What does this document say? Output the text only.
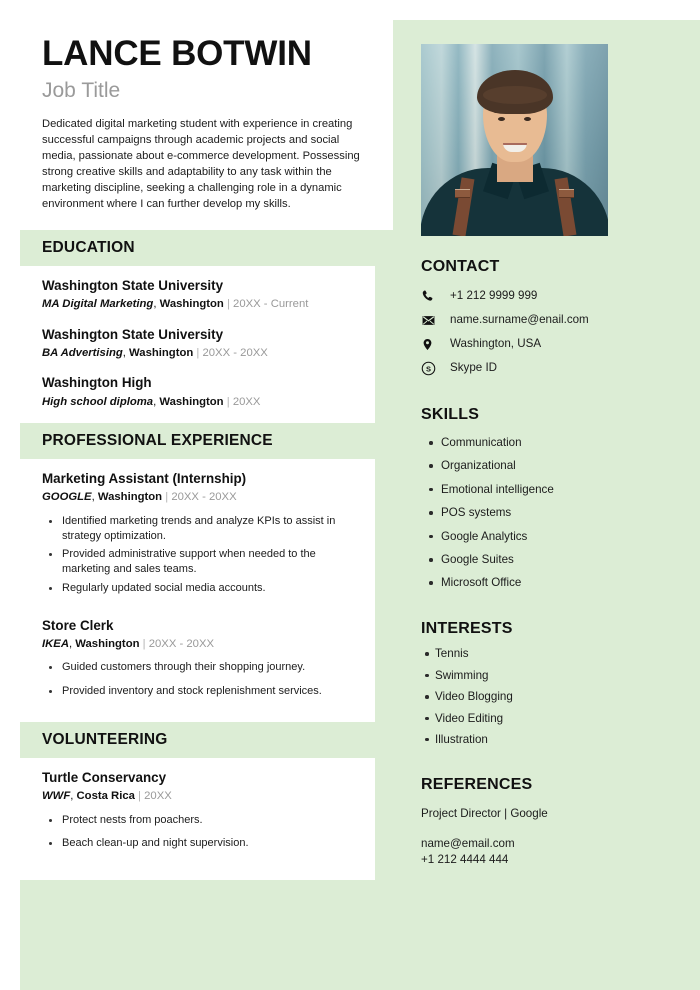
LANCE BOTWIN
Job Title

Dedicated digital marketing student with experience in creating successful campaigns through academic projects and social media, passionate about e-commerce development. Possessing strong creative skills and adaptability to any task within the marketing discipline, seeking a challenging role in a dynamic environment where I can further develop my skills.

EDUCATION
Washington State University
MA Digital Marketing, Washington | 20XX - Current
Washington State University
BA Advertising, Washington | 20XX - 20XX
Washington High
High school diploma, Washington | 20XX
PROFESSIONAL EXPERIENCE
Marketing Assistant (Internship)
GOOGLE, Washington | 20XX - 20XX
Identified marketing trends and analyze KPIs to assist in strategy optimization.
Provided administrative support when needed to the marketing and sales teams.
Regularly updated social media accounts.
Store Clerk
IKEA, Washington | 20XX - 20XX
Guided customers through their shopping journey.
Provided inventory and stock replenishment services.
VOLUNTEERING
Turtle Conservancy
WWF, Costa Rica | 20XX
Protect nests from poachers.
Beach clean-up and night supervision.
CONTACT
+1 212 9999 999
name.surname@enail.com
Washington, USA
S Skype ID
SKILLS
Communication
Organizational
Emotional intelligence
POS systems
Google Analytics
Google Suites
Microsoft Office
INTERESTS
Tennis
Swimming
Video Blogging
Video Editing
Illustration
REFERENCES

Project Director | Google

name@email.com

+1 212 4444 444
